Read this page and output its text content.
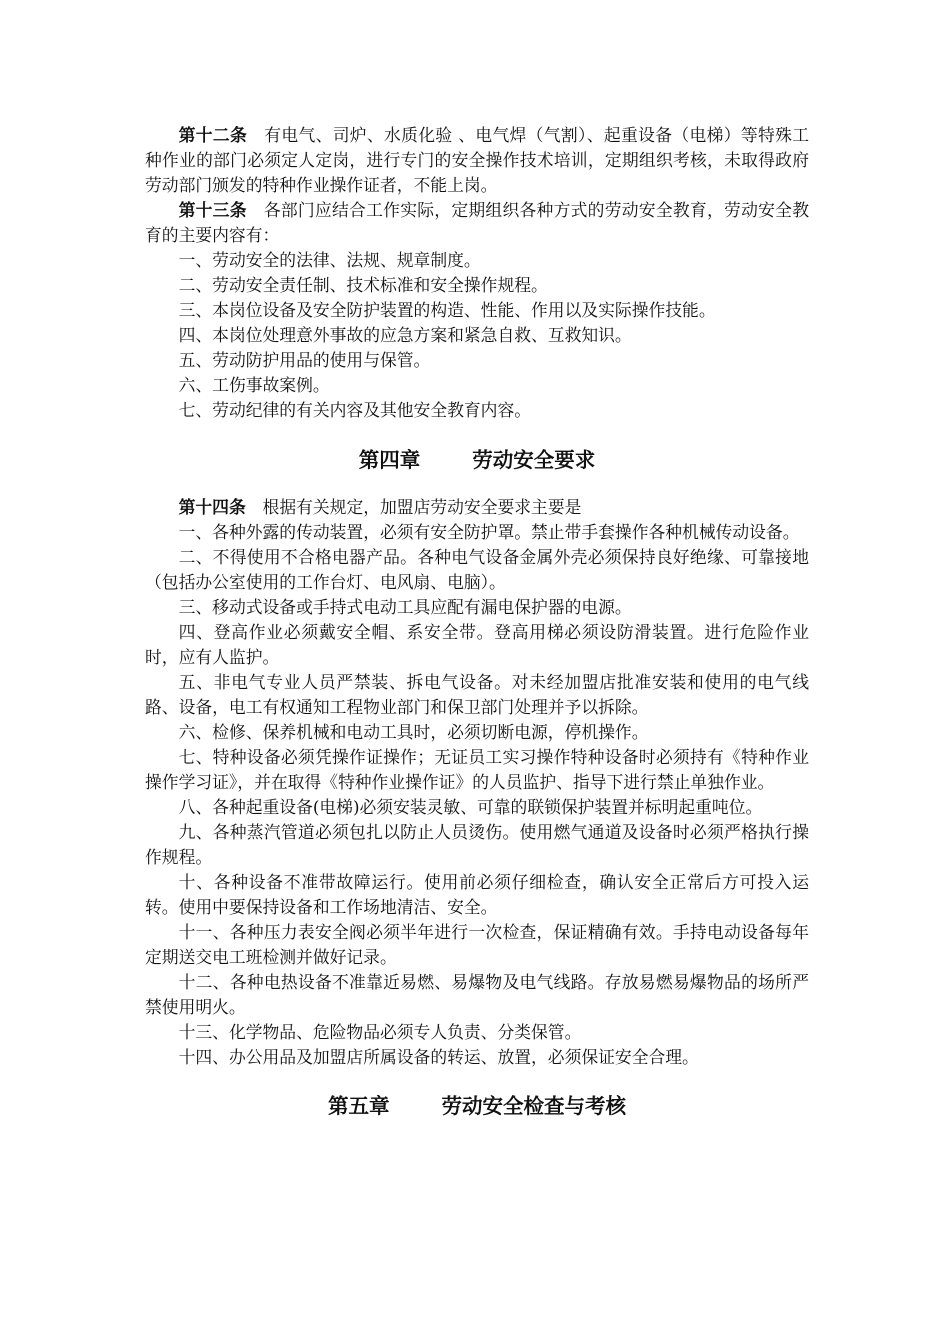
第十二条 有电气、司炉、水质化验 、电气焊（气割）、起重设备（电梯）等特殊工种作业的部门必须定人定岗，进行专门的安全操作技术培训，定期组织考核，未取得政府劳动部门颁发的特种作业操作证者，不能上岗。

第十三条 各部门应结合工作实际，定期组织各种方式的劳动安全教育，劳动安全教育的主要内容有：

一、劳动安全的法律、法规、规章制度。

二、劳动安全责任制、技术标准和安全操作规程。

三、本岗位设备及安全防护装置的构造、性能、作用以及实际操作技能。

四、本岗位处理意外事故的应急方案和紧急自救、互救知识。

五、劳动防护用品的使用与保管。

六、工伤事故案例。

七、劳动纪律的有关内容及其他安全教育内容。

第四章	劳动安全要求

第十四条 根据有关规定，加盟店劳动安全要求主要是

一、各种外露的传动装置，必须有安全防护罩。禁止带手套操作各种机械传动设备。

二、不得使用不合格电器产品。各种电气设备金属外壳必须保持良好绝缘、可靠接地（包括办公室使用的工作台灯、电风扇、电脑）。

三、移动式设备或手持式电动工具应配有漏电保护器的电源。

四、登高作业必须戴安全帽、系安全带。登高用梯必须设防滑装置。进行危险作业时，应有人监护。

五、非电气专业人员严禁装、拆电气设备。对未经加盟店批准安装和使用的电气线路、设备，电工有权通知工程物业部门和保卫部门处理并予以拆除。

六、检修、保养机械和电动工具时，必须切断电源，停机操作。

七、特种设备必须凭操作证操作；无证员工实习操作特种设备时必须持有《特种作业操作学习证》，并在取得《特种作业操作证》的人员监护、指导下进行禁止单独作业。

八、各种起重设备(电梯)必须安装灵敏、可靠的联锁保护装置并标明起重吨位。

九、各种蒸汽管道必须包扎以防止人员烫伤。使用燃气通道及设备时必须严格执行操作规程。

十、各种设备不准带故障运行。使用前必须仔细检查，确认安全正常后方可投入运转。使用中要保持设备和工作场地清洁、安全。

十一、各种压力表安全阀必须半年进行一次检查，保证精确有效。手持电动设备每年定期送交电工班检测并做好记录。

十二、各种电热设备不准靠近易燃、易爆物及电气线路。存放易燃易爆物品的场所严禁使用明火。

十三、化学物品、危险物品必须专人负责、分类保管。

十四、办公用品及加盟店所属设备的转运、放置，必须保证安全合理。

第五章	劳动安全检查与考核
